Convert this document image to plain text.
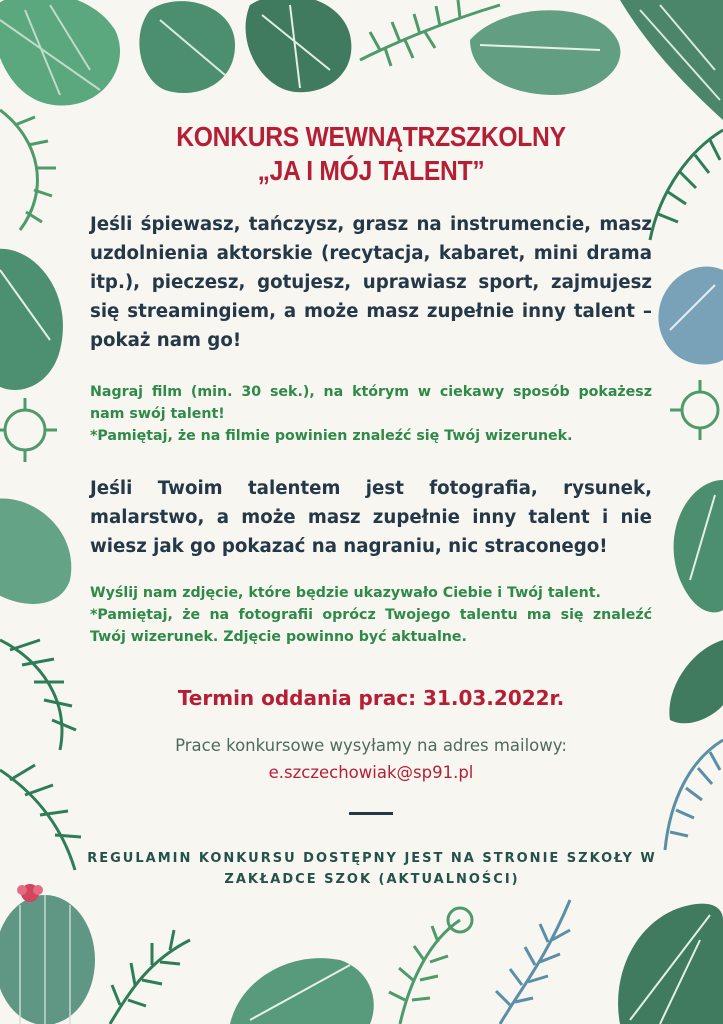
KONKURS WEWNĄTRZSZKOLNY
„JA I MÓJ TALENT”
Jeśli śpiewasz, tańczysz, grasz na instrumencie, masz uzdolnienia aktorskie (recytacja, kabaret, mini drama itp.), pieczesz, gotujesz, uprawiasz sport, zajmujesz się streamingiem, a może masz zupełnie inny talent – pokaż nam go!
Nagraj film (min. 30 sek.), na którym w ciekawy sposób pokażesz nam swój talent!
*Pamiętaj, że na filmie powinien znaleźć się Twój wizerunek.
Jeśli Twoim talentem jest fotografia, rysunek, malarstwo, a może masz zupełnie inny talent i nie wiesz jak go pokazać na nagraniu, nic straconego!
Wyślij nam zdjęcie, które będzie ukazywało Ciebie i Twój talent.
*Pamiętaj, że na fotografii oprócz Twojego talentu ma się znaleźć Twój wizerunek. Zdjęcie powinno być aktualne.
Termin oddania prac: 31.03.2022r.
Prace konkursowe wysyłamy na adres mailowy:
e.szczechowiak@sp91.pl
REGULAMIN KONKURSU DOSTĘPNY JEST NA STRONIE SZKOŁY W ZAKŁADCE SZOK (AKTUALNOŚCI)
